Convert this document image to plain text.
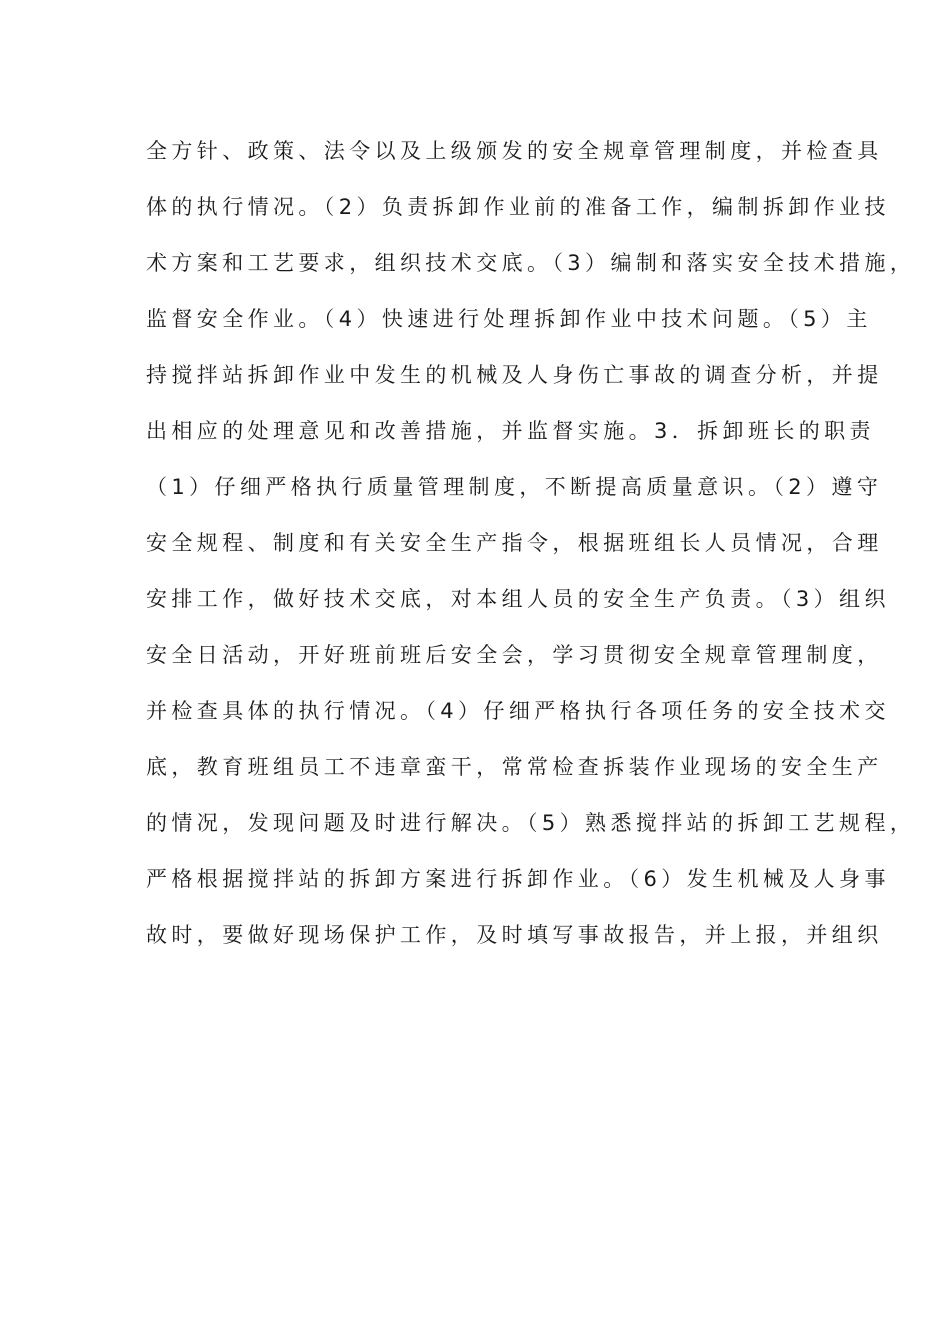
全方针、政策、法令以及上级颁发的安全规章管理制度，并检查具
体的执行情况。（2）负责拆卸作业前的准备工作，编制拆卸作业技
术方案和工艺要求，组织技术交底。（3）编制和落实安全技术措施，
监督安全作业。（4）快速进行处理拆卸作业中技术问题。（5）主
持搅拌站拆卸作业中发生的机械及人身伤亡事故的调查分析，并提
出相应的处理意见和改善措施，并监督实施。3．拆卸班长的职责
（1）仔细严格执行质量管理制度，不断提高质量意识。（2）遵守
安全规程、制度和有关安全生产指令，根据班组长人员情况，合理
安排工作，做好技术交底，对本组人员的安全生产负责。（3）组织
安全日活动，开好班前班后安全会，学习贯彻安全规章管理制度，
并检查具体的执行情况。（4）仔细严格执行各项任务的安全技术交
底，教育班组员工不违章蛮干，常常检查拆装作业现场的安全生产
的情况，发现问题及时进行解决。（5）熟悉搅拌站的拆卸工艺规程，
严格根据搅拌站的拆卸方案进行拆卸作业。（6）发生机械及人身事
故时，要做好现场保护工作，及时填写事故报告，并上报，并组织
